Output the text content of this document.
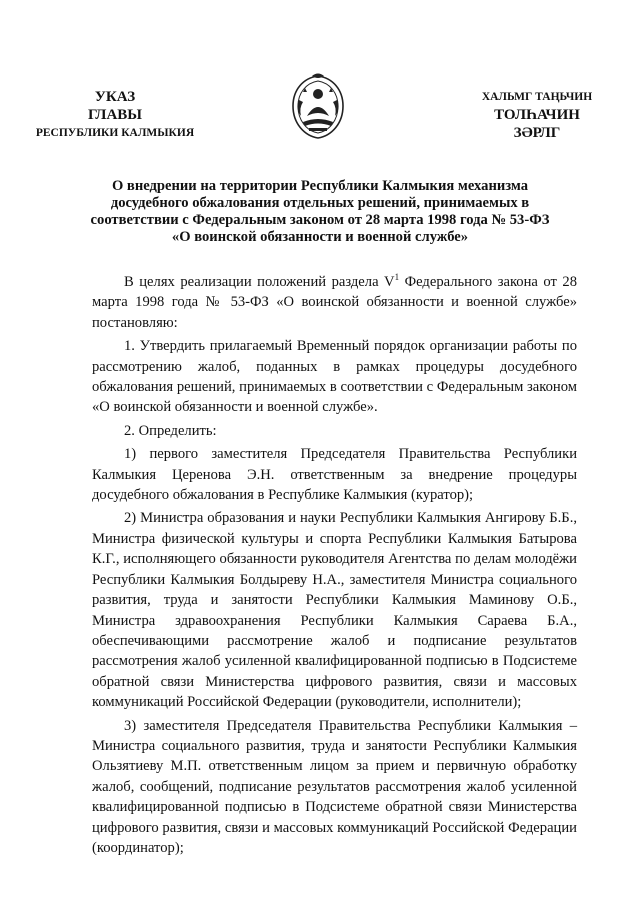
УКАЗ
ГЛАВЫ
РЕСПУБЛИКИ КАЛМЫКИЯ
ХАЛЬМГ ТАҢЬЧИН
ТОЛҺАЧИН
ЗӘРЛГ
О внедрении на территории Республики Калмыкия механизма
досудебного обжалования отдельных решений, принимаемых в
соответствии с Федеральным законом от 28 марта 1998 года № 53-ФЗ
«О воинской обязанности и военной службе»

В целях реализации положений раздела $V^1$ Федерального закона от 28 марта 1998 года № 53-ФЗ «О воинской обязанности и военной службе» постановляю:

1. Утвердить прилагаемый Временный порядок организации работы по рассмотрению жалоб, поданных в рамках процедуры досудебного обжалования решений, принимаемых в соответствии с Федеральным законом «О воинской обязанности и военной службе».

2. Определить:

1) первого заместителя Председателя Правительства Республики Калмыкия Церенова Э.Н. ответственным за внедрение процедуры досудебного обжалования в Республике Калмыкия (куратор);

2) Министра образования и науки Республики Калмыкия Ангирову Б.Б., Министра физической культуры и спорта Республики Калмыкия Батырова К.Г., исполняющего обязанности руководителя Агентства по делам молодёжи Республики Калмыкия Болдыреву Н.А., заместителя Министра социального развития, труда и занятости Республики Калмыкия Маминову О.Б., Министра здравоохранения Республики Калмыкия Сараева Б.А., обеспечивающими рассмотрение жалоб и подписание результатов рассмотрения жалоб усиленной квалифицированной подписью в Подсистеме обратной связи Министерства цифрового развития, связи и массовых коммуникаций Российской Федерации (руководители, исполнители);

3) заместителя Председателя Правительства Республики Калмыкия – Министра социального развития, труда и занятости Республики Калмыкия Ользятиеву М.П. ответственным лицом за прием и первичную обработку жалоб, сообщений, подписание результатов рассмотрения жалоб усиленной квалифицированной подписью в Подсистеме обратной связи Министерства цифрового развития, связи и массовых коммуникаций Российской Федерации (координатор);
